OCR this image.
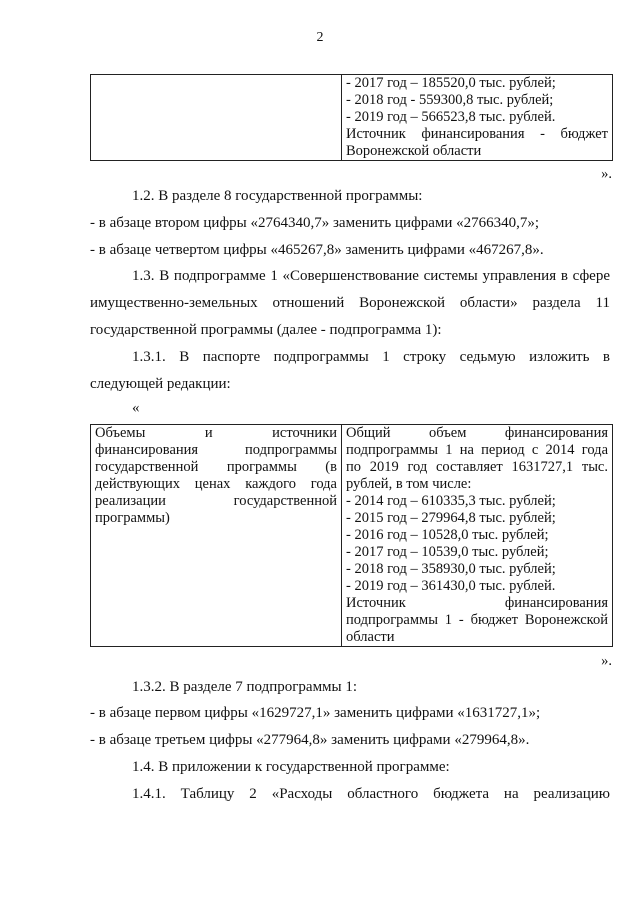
2

- 2017 год – 185520,0 тыс. рублей;
- 2018 год - 559300,8 тыс. рублей;
- 2019 год – 566523,8 тыс. рублей.
Источник финансирования - бюджет
Воронежской области
».
1.2. В разделе 8 государственной программы:
- в абзаце втором цифры «2764340,7» заменить цифрами «2766340,7»;
- в абзаце четвертом цифры «465267,8» заменить цифрами «467267,8».
1.3. В подпрограмме 1 «Совершенствование системы управления в сфере
имущественно-земельных отношений Воронежской области» раздела 11
государственной программы (далее - подпрограмма 1):
1.3.1. В паспорте подпрограммы 1 строку седьмую изложить в
следующей редакции:
«
Объемы и источники
финансирования подпрограммы
государственной программы (в
действующих ценах каждого года
реализации государственной
программы)

Общий объем финансирования
подпрограммы 1 на период с 2014 года
по 2019 год составляет 1631727,1 тыс.
рублей, в том числе:
- 2014 год – 610335,3 тыс. рублей;
- 2015 год – 279964,8 тыс. рублей;
- 2016 год – 10528,0 тыс. рублей;
- 2017 год – 10539,0 тыс. рублей;
- 2018 год – 358930,0 тыс. рублей;
- 2019 год – 361430,0 тыс. рублей.
Источник финансирования
подпрограммы 1 - бюджет Воронежской
области
».
1.3.2. В разделе 7 подпрограммы 1:
- в абзаце первом цифры «1629727,1» заменить цифрами «1631727,1»;
- в абзаце третьем цифры «277964,8» заменить цифрами «279964,8».
1.4. В приложении к государственной программе:
1.4.1. Таблицу 2 «Расходы областного бюджета на реализацию
